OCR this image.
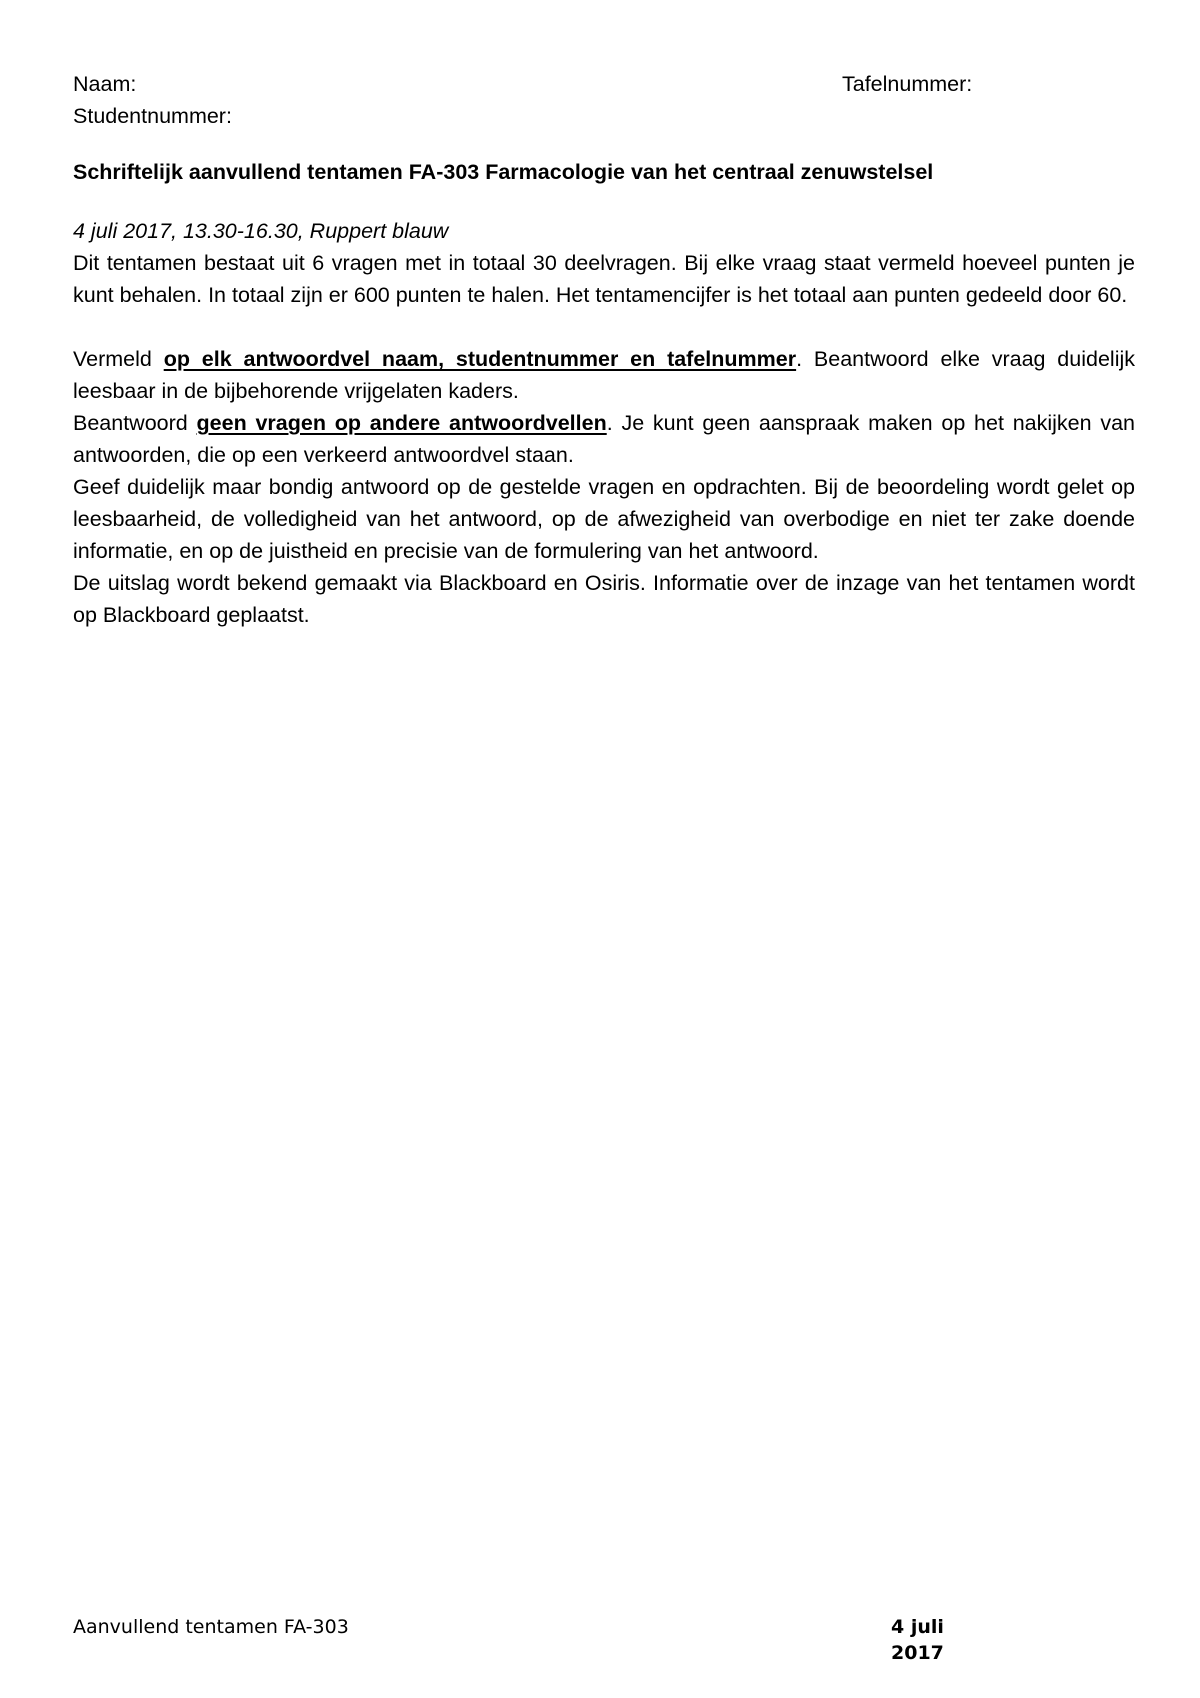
Naam:	Tafelnummer:
Studentnummer:
Schriftelijk aanvullend tentamen FA-303 Farmacologie van het centraal zenuwstelsel
4 juli 2017, 13.30-16.30, Ruppert blauw

Dit tentamen bestaat uit 6 vragen met in totaal 30 deelvragen. Bij elke vraag staat vermeld hoeveel punten je kunt behalen. In totaal zijn er 600 punten te halen. Het tentamencijfer is het totaal aan punten gedeeld door 60.

Vermeld op elk antwoordvel naam, studentnummer en tafelnummer. Beantwoord elke vraag duidelijk leesbaar in de bijbehorende vrijgelaten kaders.

Beantwoord geen vragen op andere antwoordvellen. Je kunt geen aanspraak maken op het nakijken van antwoorden, die op een verkeerd antwoordvel staan.

Geef duidelijk maar bondig antwoord op de gestelde vragen en opdrachten. Bij de beoordeling wordt gelet op leesbaarheid, de volledigheid van het antwoord, op de afwezigheid van overbodige en niet ter zake doende informatie, en op de juistheid en precisie van de formulering van het antwoord.

De uitslag wordt bekend gemaakt via Blackboard en Osiris. Informatie over de inzage van het tentamen wordt op Blackboard geplaatst.

Aanvullend tentamen FA-303	4 juli 2017
